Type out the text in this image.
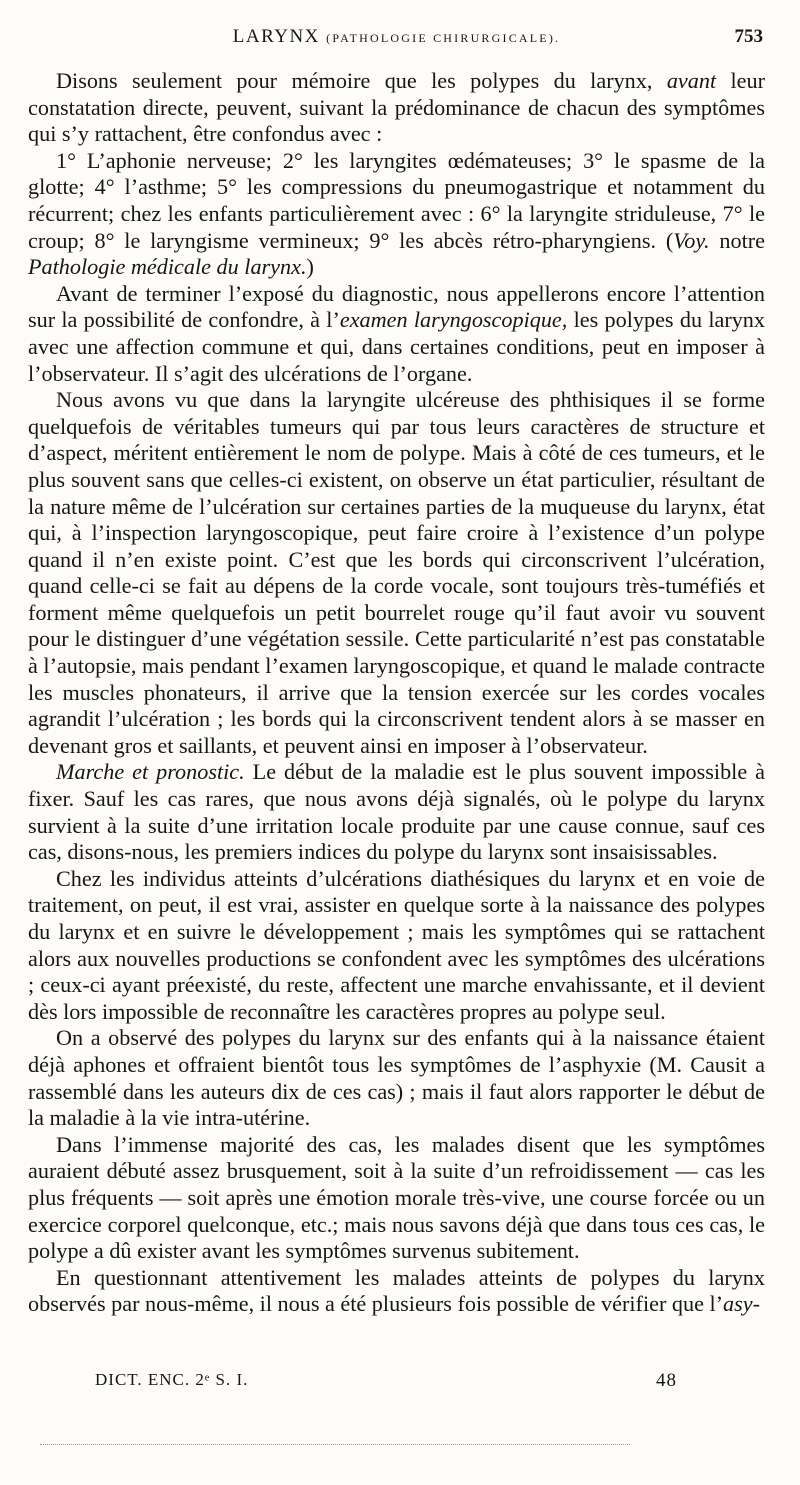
LARYNX (PATHOLOGIE CHIRURGICALE).	753

Disons seulement pour mémoire que les polypes du larynx, avant leur constatation directe, peuvent, suivant la prédominance de chacun des symptômes qui s’y rattachent, être confondus avec :

1° L’aphonie nerveuse; 2° les laryngites œdémateuses; 3° le spasme de la glotte; 4° l’asthme; 5° les compressions du pneumogastrique et notamment du récurrent; chez les enfants particulièrement avec : 6° la laryngite striduleuse, 7° le croup; 8° le laryngisme vermineux; 9° les abcès rétro-pharyngiens. (Voy. notre Pathologie médicale du larynx.)

Avant de terminer l’exposé du diagnostic, nous appellerons encore l’attention sur la possibilité de confondre, à l’examen laryngoscopique, les polypes du larynx avec une affection commune et qui, dans certaines conditions, peut en imposer à l’observateur. Il s’agit des ulcérations de l’organe.

Nous avons vu que dans la laryngite ulcéreuse des phthisiques il se forme quelquefois de véritables tumeurs qui par tous leurs caractères de structure et d’aspect, méritent entièrement le nom de polype. Mais à côté de ces tumeurs, et le plus souvent sans que celles-ci existent, on observe un état particulier, résultant de la nature même de l’ulcération sur certaines parties de la muqueuse du larynx, état qui, à l’inspection laryngoscopique, peut faire croire à l’existence d’un polype quand il n’en existe point. C’est que les bords qui circonscrivent l’ulcération, quand celle-ci se fait au dépens de la corde vocale, sont toujours très-tuméfiés et forment même quelquefois un petit bourrelet rouge qu’il faut avoir vu souvent pour le distinguer d’une végétation sessile. Cette particularité n’est pas constatable à l’autopsie, mais pendant l’examen laryngoscopique, et quand le malade contracte les muscles phonateurs, il arrive que la tension exercée sur les cordes vocales agrandit l’ulcération ; les bords qui la circonscrivent tendent alors à se masser en devenant gros et saillants, et peuvent ainsi en imposer à l’observateur.

Marche et pronostic. Le début de la maladie est le plus souvent impossible à fixer. Sauf les cas rares, que nous avons déjà signalés, où le polype du larynx survient à la suite d’une irritation locale produite par une cause connue, sauf ces cas, disons-nous, les premiers indices du polype du larynx sont insaisissables.

Chez les individus atteints d’ulcérations diathésiques du larynx et en voie de traitement, on peut, il est vrai, assister en quelque sorte à la naissance des polypes du larynx et en suivre le développement ; mais les symptômes qui se rattachent alors aux nouvelles productions se confondent avec les symptômes des ulcérations ; ceux-ci ayant préexisté, du reste, affectent une marche envahissante, et il devient dès lors impossible de reconnaître les caractères propres au polype seul.

On a observé des polypes du larynx sur des enfants qui à la naissance étaient déjà aphones et offraient bientôt tous les symptômes de l’asphyxie (M. Causit a rassemblé dans les auteurs dix de ces cas) ; mais il faut alors rapporter le début de la maladie à la vie intra-utérine.

Dans l’immense majorité des cas, les malades disent que les symptômes auraient débuté assez brusquement, soit à la suite d’un refroidissement — cas les plus fréquents — soit après une émotion morale très-vive, une course forcée ou un exercice corporel quelconque, etc.; mais nous savons déjà que dans tous ces cas, le polype a dû exister avant les symptômes survenus subitement.

En questionnant attentivement les malades atteints de polypes du larynx observés par nous-même, il nous a été plusieurs fois possible de vérifier que l’asy-

DICT. ENC. 2ᵉ S. I.	48
